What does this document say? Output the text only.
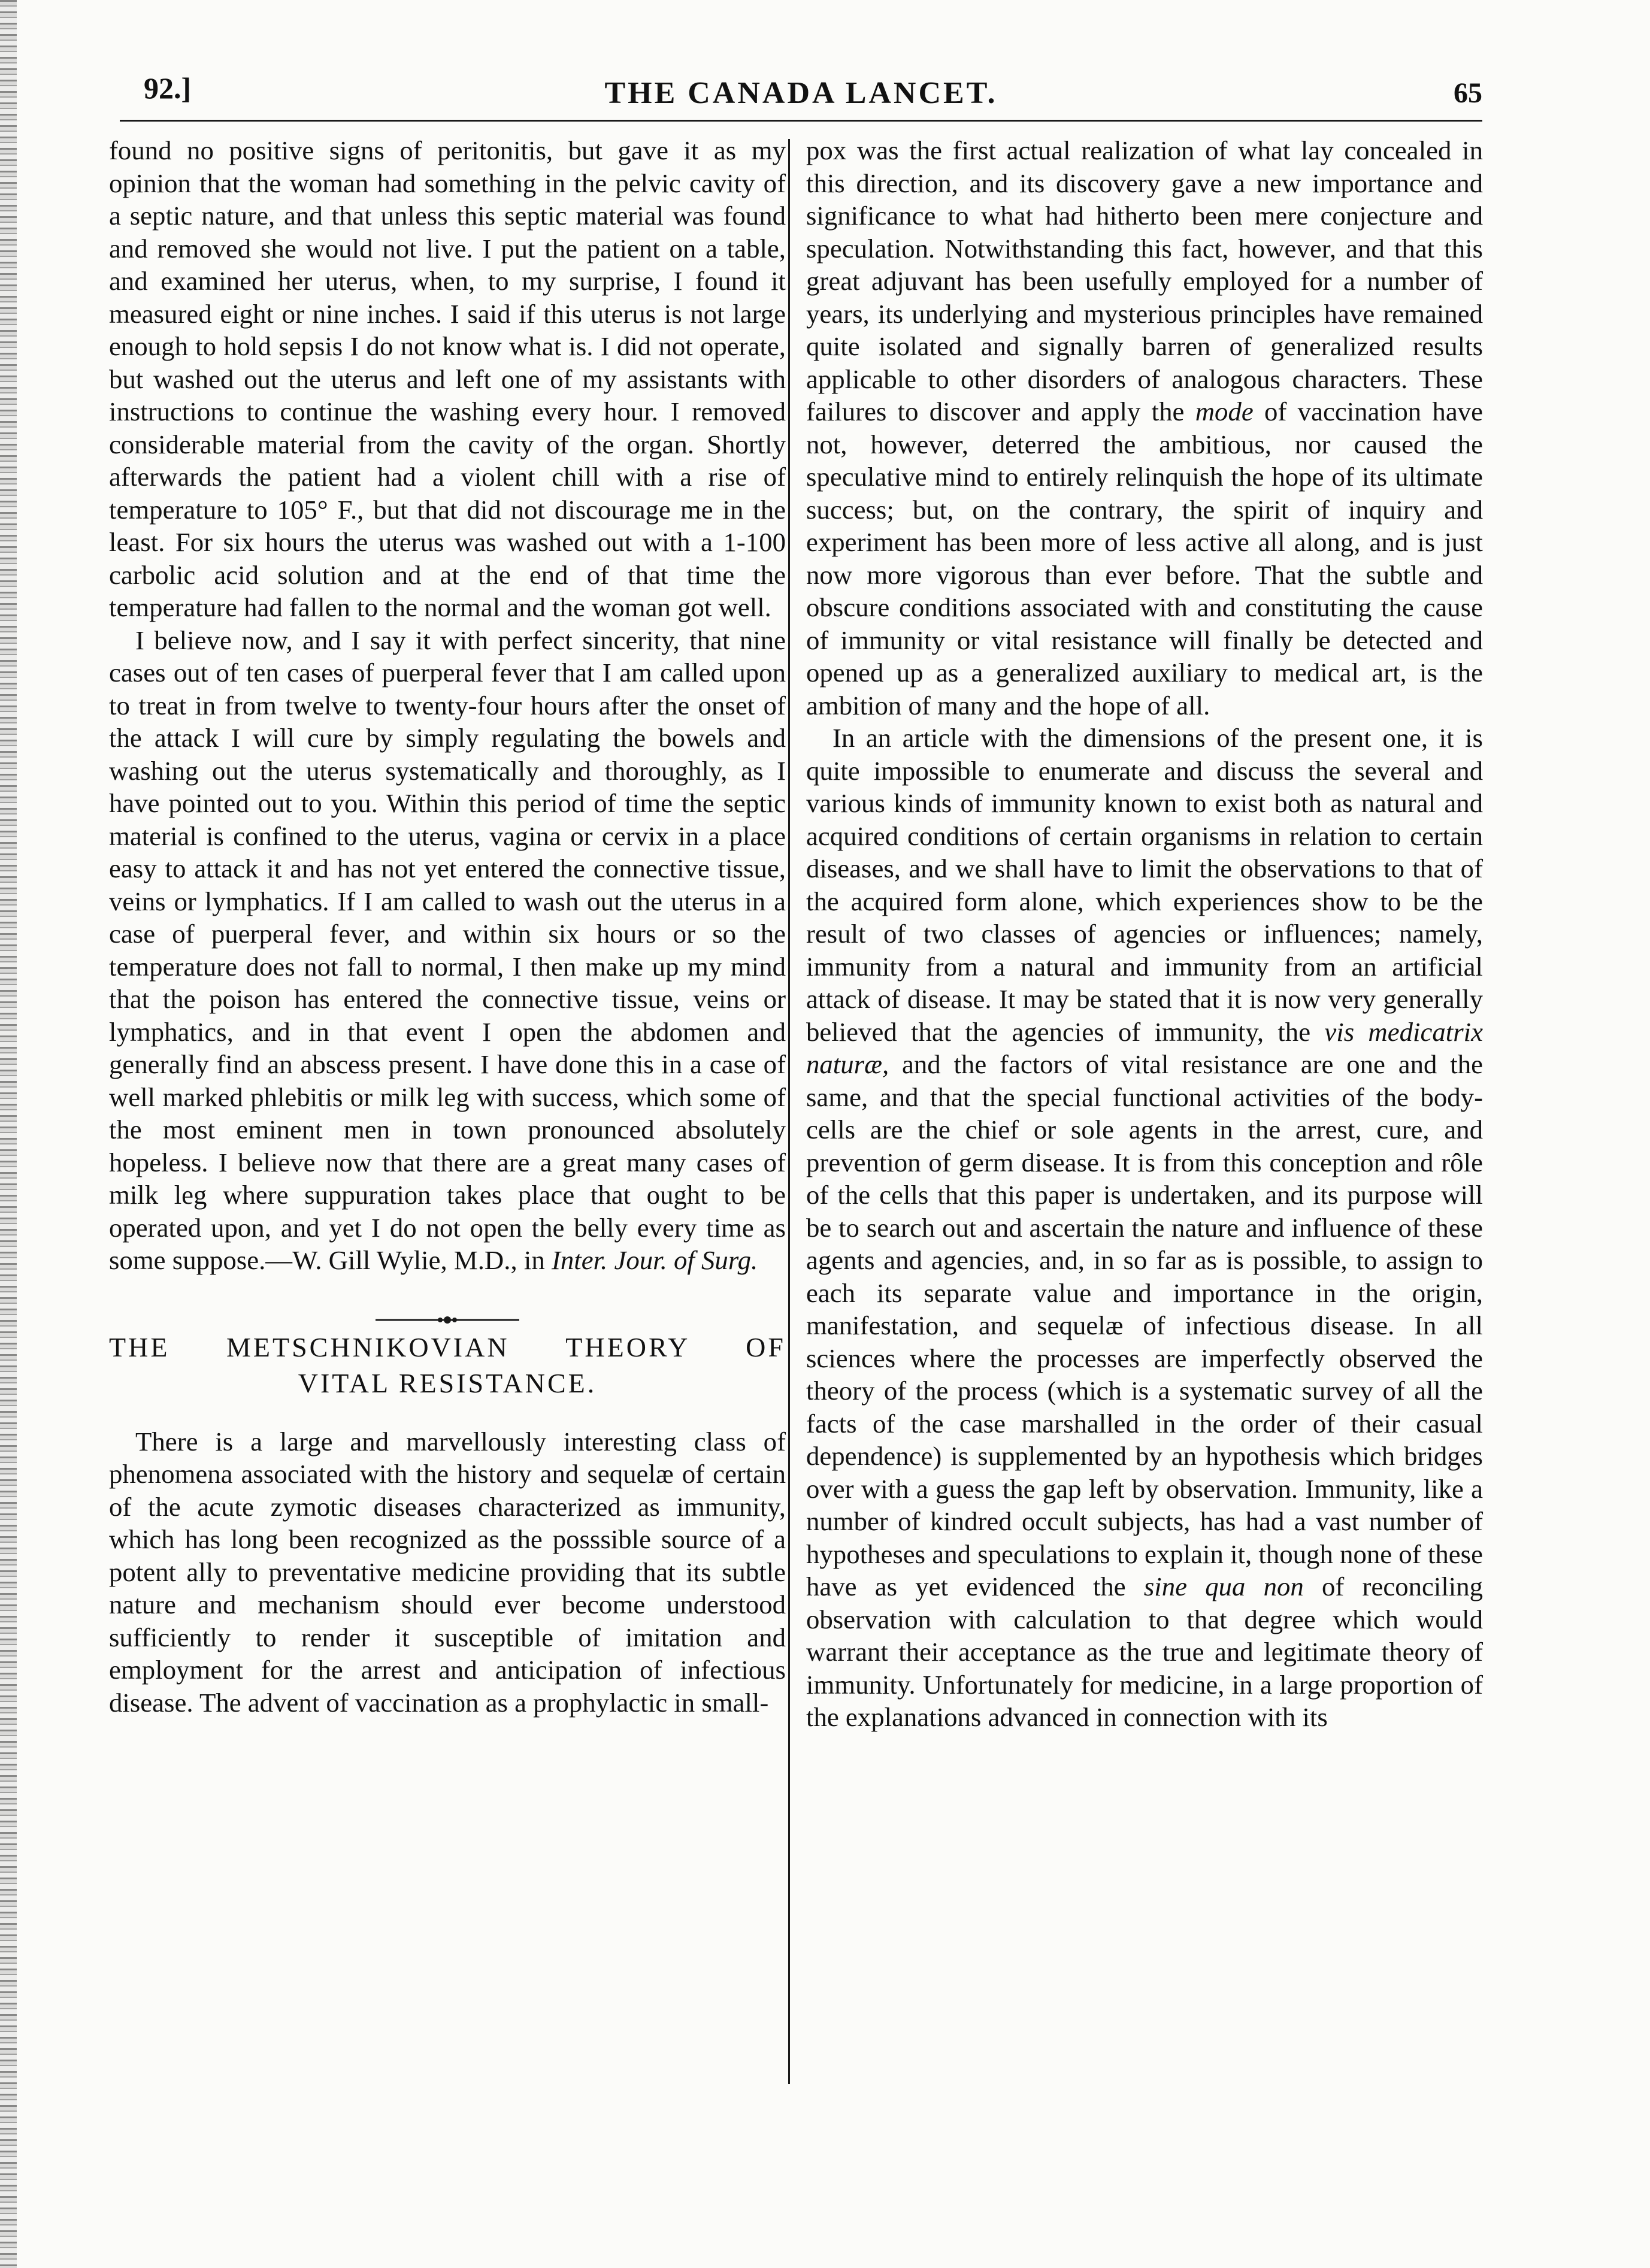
92.]	THE CANADA LANCET.	65

found no positive signs of peritonitis, but gave it as my opinion that the woman had something in the pelvic cavity of a septic nature, and that unless this septic material was found and removed she would not live. I put the patient on a table, and examined her uterus, when, to my surprise, I found it measured eight or nine inches. I said if this uterus is not large enough to hold sepsis I do not know what is. I did not operate, but washed out the uterus and left one of my assistants with instructions to continue the washing every hour. I removed considerable material from the cavity of the organ. Shortly afterwards the patient had a violent chill with a rise of temperature to 105° F., but that did not discourage me in the least. For six hours the uterus was washed out with a 1-100 carbolic acid solution and at the end of that time the temperature had fallen to the normal and the woman got well.

I believe now, and I say it with perfect sincerity, that nine cases out of ten cases of puerperal fever that I am called upon to treat in from twelve to twenty-four hours after the onset of the attack I will cure by simply regulating the bowels and washing out the uterus systematically and thoroughly, as I have pointed out to you. Within this period of time the septic material is confined to the uterus, vagina or cervix in a place easy to attack it and has not yet entered the connective tissue, veins or lymphatics. If I am called to wash out the uterus in a case of puerperal fever, and within six hours or so the temperature does not fall to normal, I then make up my mind that the poison has entered the connective tissue, veins or lymphatics, and in that event I open the abdomen and generally find an abscess present. I have done this in a case of well marked phlebitis or milk leg with success, which some of the most eminent men in town pronounced absolutely hopeless. I believe now that there are a great many cases of milk leg where suppuration takes place that ought to be operated upon, and yet I do not open the belly every time as some suppose.—W. Gill Wylie, M.D., in Inter. Jour. of Surg.

THE METSCHNIKOVIAN THEORY OF
VITAL RESISTANCE.

There is a large and marvellously interesting class of phenomena associated with the history and sequelæ of certain of the acute zymotic diseases characterized as immunity, which has long been recognized as the posssible source of a potent ally to preventative medicine providing that its subtle nature and mechanism should ever become understood sufficiently to render it susceptible of imitation and employment for the arrest and anticipation of infectious disease. The advent of vaccination as a prophylactic in small-

pox was the first actual realization of what lay concealed in this direction, and its discovery gave a new importance and significance to what had hitherto been mere conjecture and speculation. Notwithstanding this fact, however, and that this great adjuvant has been usefully employed for a number of years, its underlying and mysterious principles have remained quite isolated and signally barren of generalized results applicable to other disorders of analogous characters. These failures to discover and apply the mode of vaccination have not, however, deterred the ambitious, nor caused the speculative mind to entirely relinquish the hope of its ultimate success; but, on the contrary, the spirit of inquiry and experiment has been more of less active all along, and is just now more vigorous than ever before. That the subtle and obscure conditions associated with and constituting the cause of immunity or vital resistance will finally be detected and opened up as a generalized auxiliary to medical art, is the ambition of many and the hope of all.

In an article with the dimensions of the present one, it is quite impossible to enumerate and discuss the several and various kinds of immunity known to exist both as natural and acquired conditions of certain organisms in relation to certain diseases, and we shall have to limit the observations to that of the acquired form alone, which experiences show to be the result of two classes of agencies or influences; namely, immunity from a natural and immunity from an artificial attack of disease. It may be stated that it is now very generally believed that the agencies of immunity, the vis medicatrix naturæ, and the factors of vital resistance are one and the same, and that the special functional activities of the body-cells are the chief or sole agents in the arrest, cure, and prevention of germ disease. It is from this conception and rôle of the cells that this paper is undertaken, and its purpose will be to search out and ascertain the nature and influence of these agents and agencies, and, in so far as is possible, to assign to each its separate value and importance in the origin, manifestation, and sequelæ of infectious disease. In all sciences where the processes are imperfectly observed the theory of the process (which is a systematic survey of all the facts of the case marshalled in the order of their casual dependence) is supplemented by an hypothesis which bridges over with a guess the gap left by observation. Immunity, like a number of kindred occult subjects, has had a vast number of hypotheses and speculations to explain it, though none of these have as yet evidenced the sine qua non of reconciling observation with calculation to that degree which would warrant their acceptance as the true and legitimate theory of immunity. Unfortunately for medicine, in a large proportion of the explanations advanced in connection with its
